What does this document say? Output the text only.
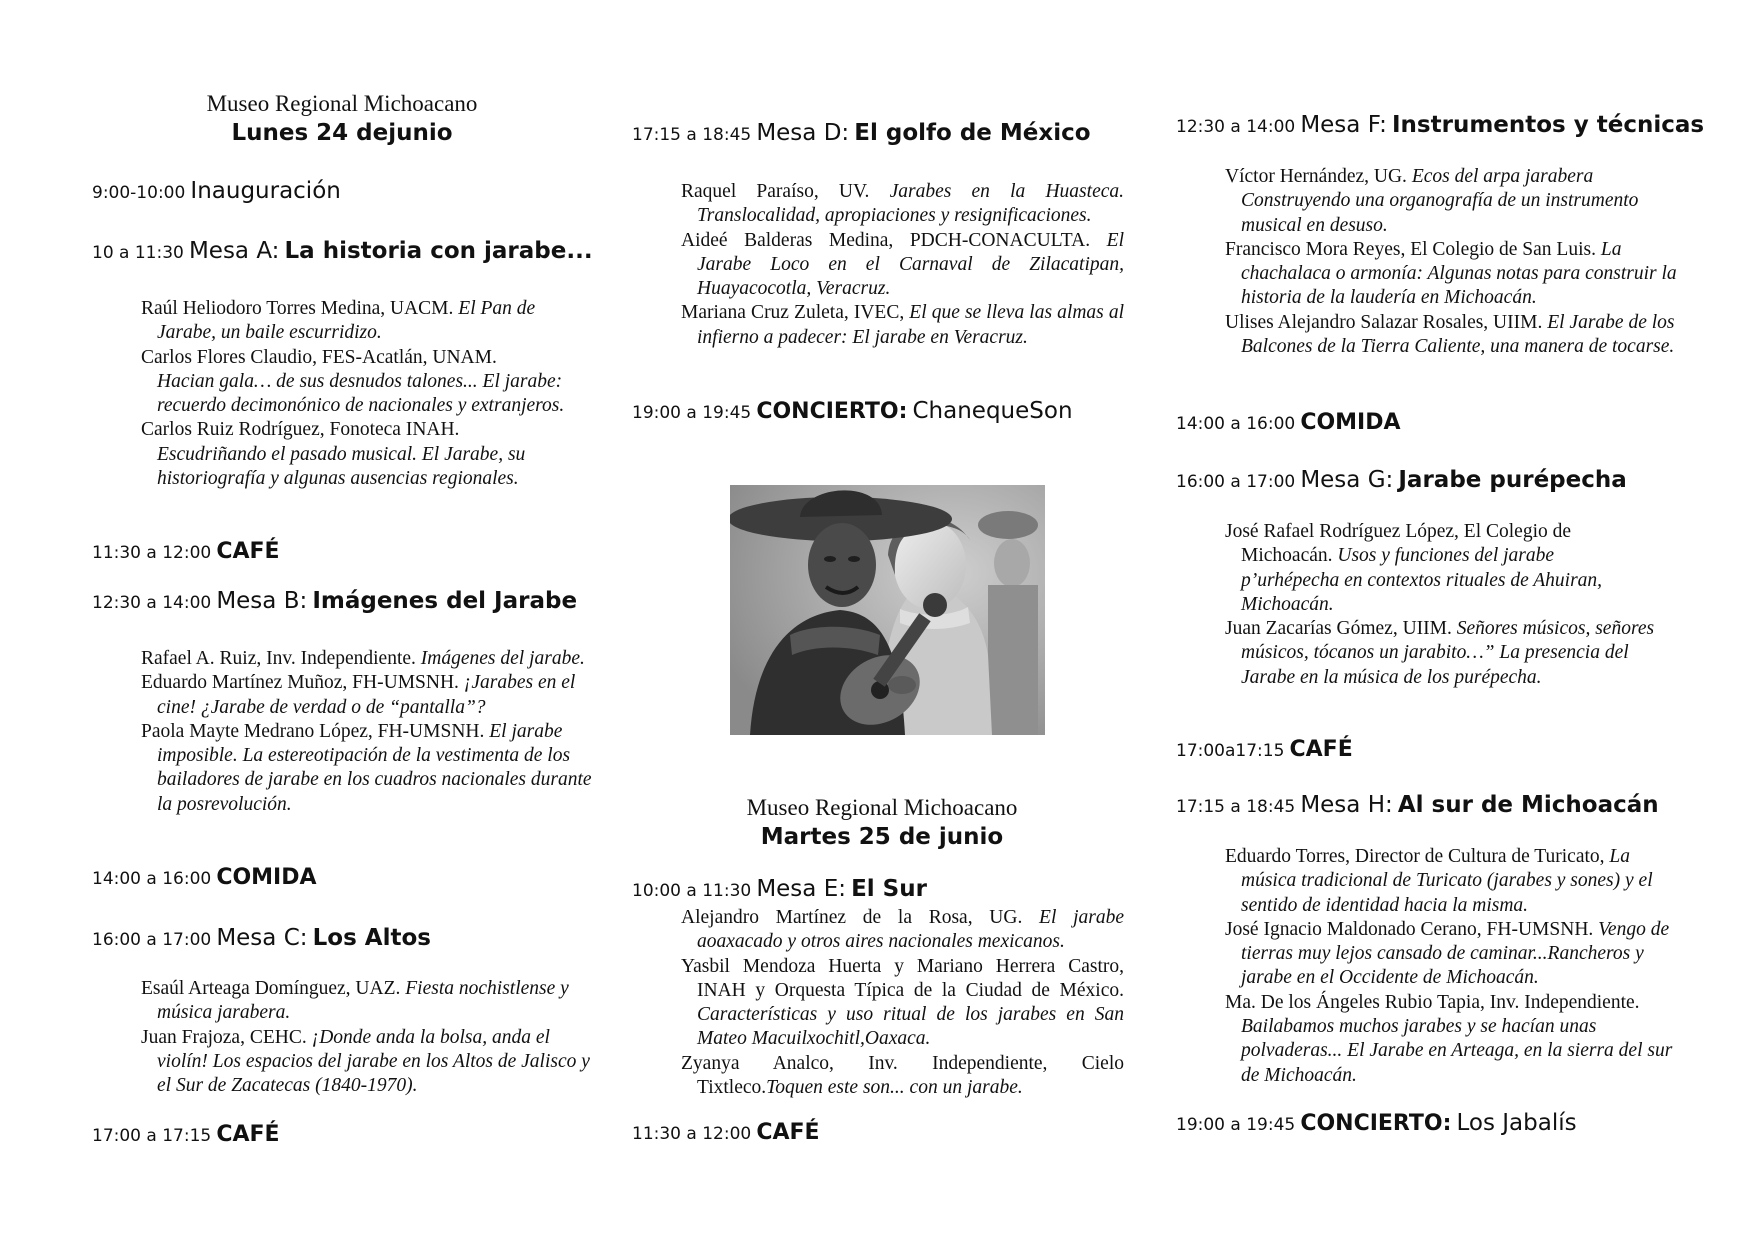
Museo Regional Michoacano
Lunes 24 dejunio
9:00-10:00 Inauguración
10 a 11:30 Mesa A: La historia con jarabe...

Raúl Heliodoro Torres Medina, UACM. El Pan de Jarabe, un baile escurridizo.

Carlos Flores Claudio, FES-Acatlán, UNAM.
Hacian gala… de sus desnudos talones... El jarabe: recuerdo decimonónico de nacionales y extranjeros.

Carlos Ruiz Rodríguez, Fonoteca INAH.
Escudriñando el pasado musical. El Jarabe, su historiografía y algunas ausencias regionales.

11:30 a 12:00 CAFÉ
12:30 a 14:00 Mesa B: Imágenes del Jarabe

Rafael A. Ruiz, Inv. Independiente. Imágenes del jarabe.

Eduardo Martínez Muñoz, FH-UMSNH. ¡Jarabes en el cine! ¿Jarabe de verdad o de “pantalla”?

Paola Mayte Medrano López, FH-UMSNH. El jarabe imposible. La estereotipación de la vestimenta de los bailadores de jarabe en los cuadros nacionales durante la posrevolución.

14:00 a 16:00 COMIDA
16:00 a 17:00 Mesa C: Los Altos

Esaúl Arteaga Domínguez, UAZ. Fiesta nochistlense y música jarabera.

Juan Frajoza, CEHC. ¡Donde anda la bolsa, anda el violín! Los espacios del jarabe en los Altos de Jalisco y el Sur de Zacatecas (1840-1970).

17:00 a 17:15 CAFÉ
17:15 a 18:45 Mesa D: El golfo de México

Raquel Paraíso, UV. Jarabes en la Huasteca. Translocalidad, apropiaciones y resignificaciones.

Aideé Balderas Medina, PDCH-CONACULTA. El Jarabe Loco en el Carnaval de Zilacatipan, Huayacocotla, Veracruz.

Mariana Cruz Zuleta, IVEC, El que se lleva las almas al infierno a padecer: El jarabe en Veracruz.

19:00 a 19:45 CONCIERTO: ChanequeSon
Museo Regional Michoacano
Martes 25 de junio
10:00 a 11:30 Mesa E: El Sur

Alejandro Martínez de la Rosa, UG. El jarabe aoaxacado y otros aires nacionales mexicanos.

Yasbil Mendoza Huerta y Mariano Herrera Castro, INAH y Orquesta Típica de la Ciudad de México. Características y uso ritual de los jarabes en San Mateo Macuilxochitl,Oaxaca.

Zyanya Analco, Inv. Independiente, Cielo Tixtleco.Toquen este son... con un jarabe.

11:30 a 12:00 CAFÉ
12:30 a 14:00 Mesa F: Instrumentos y técnicas

Víctor Hernández, UG. Ecos del arpa jarabera Construyendo una organografía de un instrumento musical en desuso.

Francisco Mora Reyes, El Colegio de San Luis. La chachalaca o armonía: Algunas notas para construir la historia de la laudería en Michoacán.

Ulises Alejandro Salazar Rosales, UIIM. El Jarabe de los Balcones de la Tierra Caliente, una manera de tocarse.

14:00 a 16:00 COMIDA
16:00 a 17:00 Mesa G: Jarabe purépecha

José Rafael Rodríguez López, El Colegio de Michoacán. Usos y funciones del jarabe p’urhépecha en contextos rituales de Ahuiran, Michoacán.

Juan Zacarías Gómez, UIIM. Señores músicos, señores músicos, tócanos un jarabito…” La presencia del Jarabe en la música de los purépecha.

17:00a17:15 CAFÉ
17:15 a 18:45 Mesa H: Al sur de Michoacán

Eduardo Torres, Director de Cultura de Turicato, La música tradicional de Turicato (jarabes y sones) y el sentido de identidad hacia la misma.

José Ignacio Maldonado Cerano, FH-UMSNH. Vengo de tierras muy lejos cansado de caminar...Rancheros y jarabe en el Occidente de Michoacán.

Ma. De los Ángeles Rubio Tapia, Inv. Independiente. Bailabamos muchos jarabes y se hacían unas polvaderas... El Jarabe en Arteaga, en la sierra del sur de Michoacán.

19:00 a 19:45 CONCIERTO: Los Jabalís
